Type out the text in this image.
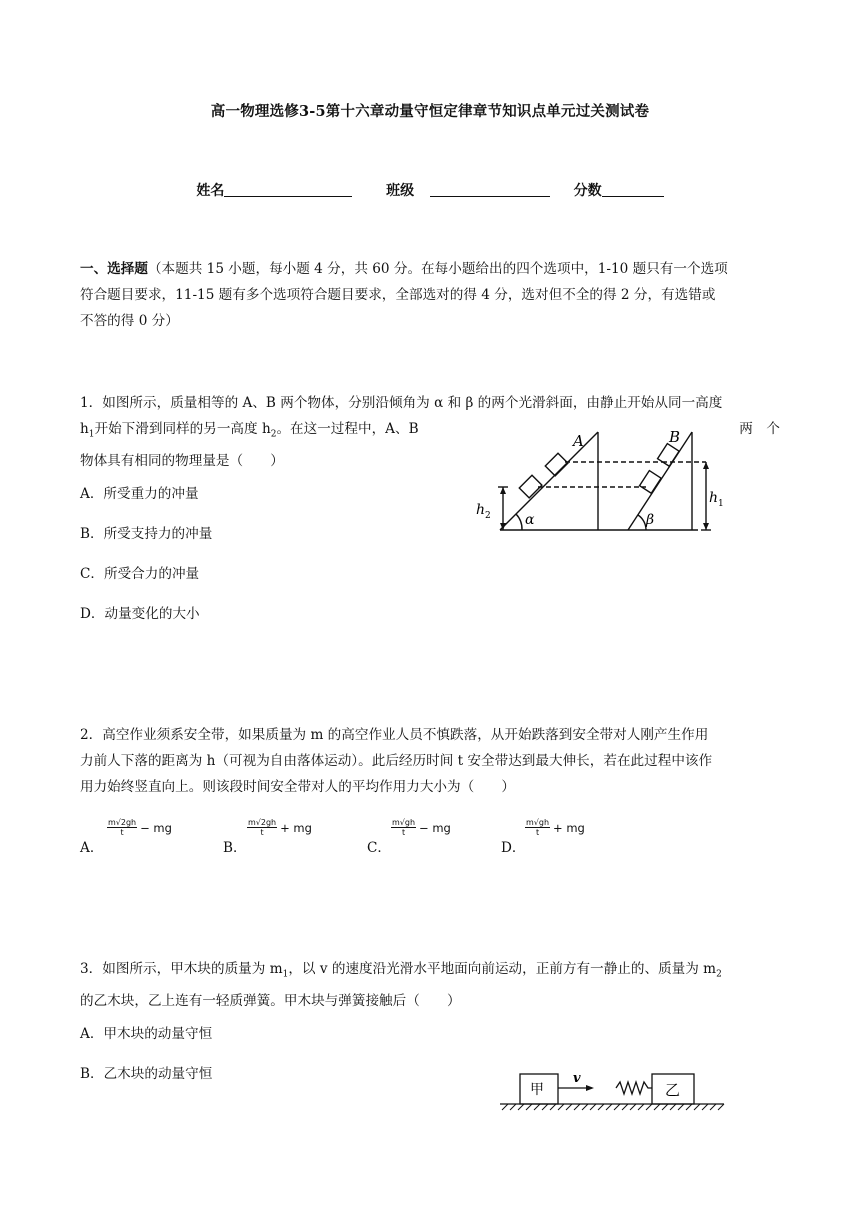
高一物理选修3-5第十六章动量守恒定律章节知识点单元过关测试卷
姓名	班级	分数
一、选择题（本题共 15 小题，每小题 4 分，共 60 分。在每小题给出的四个选项中，1-10 题只有一个选项
符合题目要求，11-15 题有多个选项符合题目要求，全部选对的得 4 分，选对但不全的得 2 分，有选错或
不答的得 0 分）
1．如图所示，质量相等的 A、B 两个物体，分别沿倾角为 α 和 β 的两个光滑斜面，由静止开始从同一高度
$h_1$开始下滑到同样的另一高度 $h_2$。在这一过程中，A、B	两　个
物体具有相同的物理量是（　　）
A．所受重力的冲量
B．所受支持力的冲量
C．所受合力的冲量
D．动量变化的大小
A	B
h 2
h 1
α	β
2．高空作业须系安全带，如果质量为 m 的高空作业人员不慎跌落，从开始跌落到安全带对人刚产生作用
力前人下落的距离为 h（可视为自由落体运动）。此后经历时间 t 安全带达到最大伸长，若在此过程中该作
用力始终竖直向上。则该段时间安全带对人的平均作用力大小为（　　）
A．
$\frac{m√2gh}{t}$ − mg
B．
$\frac{m√2gh}{t}$ + mg
C．
$\frac{m√gh}{t}$ − mg
D．
$\frac{m√gh}{t}$ + mg
3．如图所示，甲木块的质量为 $m_1$，以 v 的速度沿光滑水平地面向前运动，正前方有一静止的、质量为 $m_2$
的乙木块，乙上连有一轻质弹簧。甲木块与弹簧接触后（　　）
A．甲木块的动量守恒
B．乙木块的动量守恒
甲	乙
v
